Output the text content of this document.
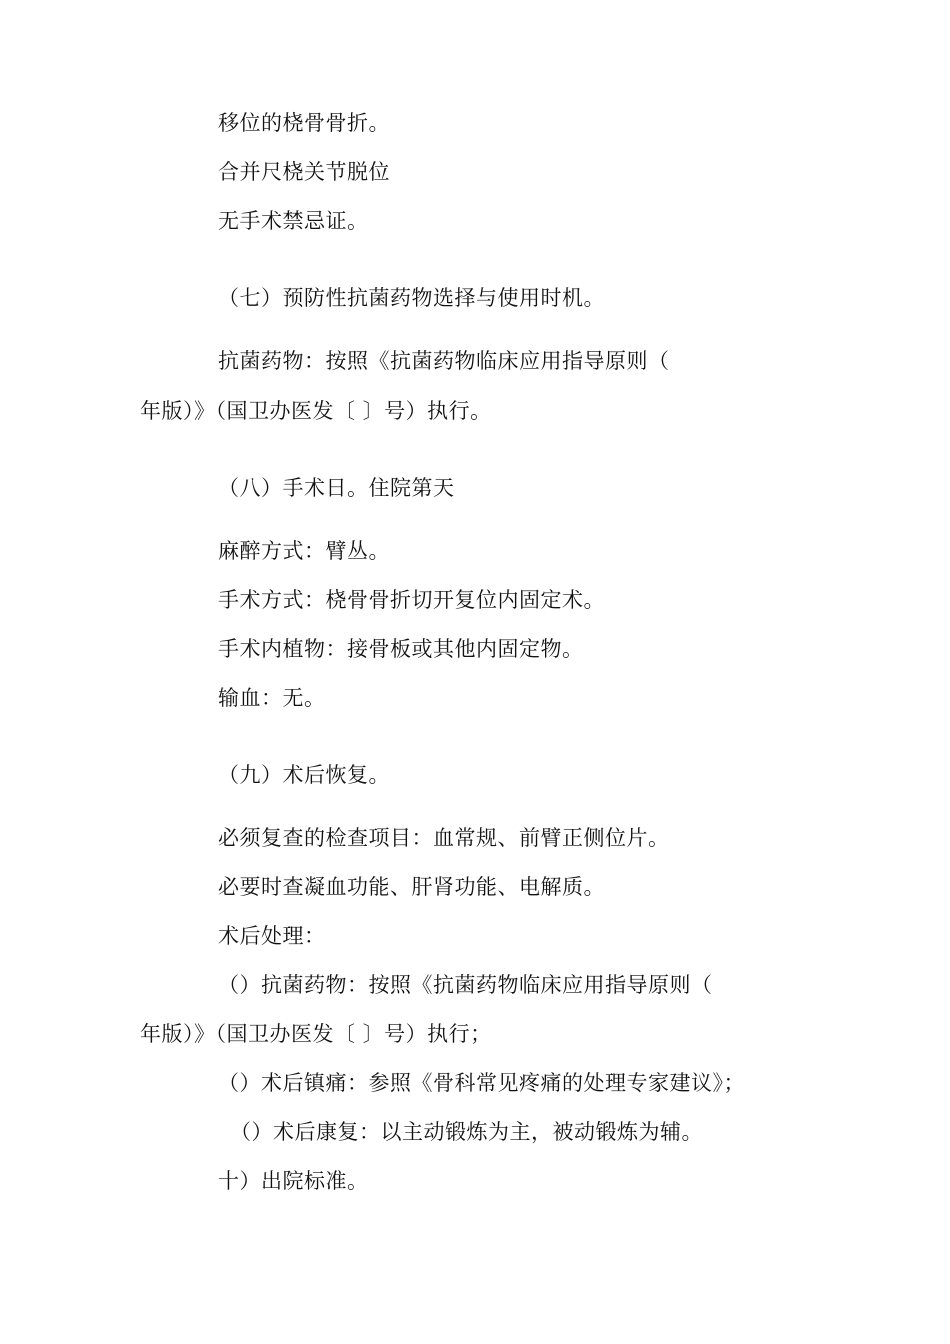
移位的桡骨骨折。
合并尺桡关节脱位
无手术禁忌证。
（七）预防性抗菌药物选择与使用时机。
抗菌药物：按照《抗菌药物临床应用指导原则（
年版）》（国卫办医发〔 〕号）执行。
（八）手术日。住院第天
麻醉方式：臂丛。
手术方式：桡骨骨折切开复位内固定术。
手术内植物：接骨板或其他内固定物。
输血：无。
（九）术后恢复。
必须复查的检查项目：血常规、前臂正侧位片。
必要时查凝血功能、肝肾功能、电解质。
术后处理：
（）抗菌药物：按照《抗菌药物临床应用指导原则（
年版）》（国卫办医发〔 〕号）执行；
（）术后镇痛：参照《骨科常见疼痛的处理专家建议》；
（）术后康复：以主动锻炼为主，被动锻炼为辅。
十）出院标准。
